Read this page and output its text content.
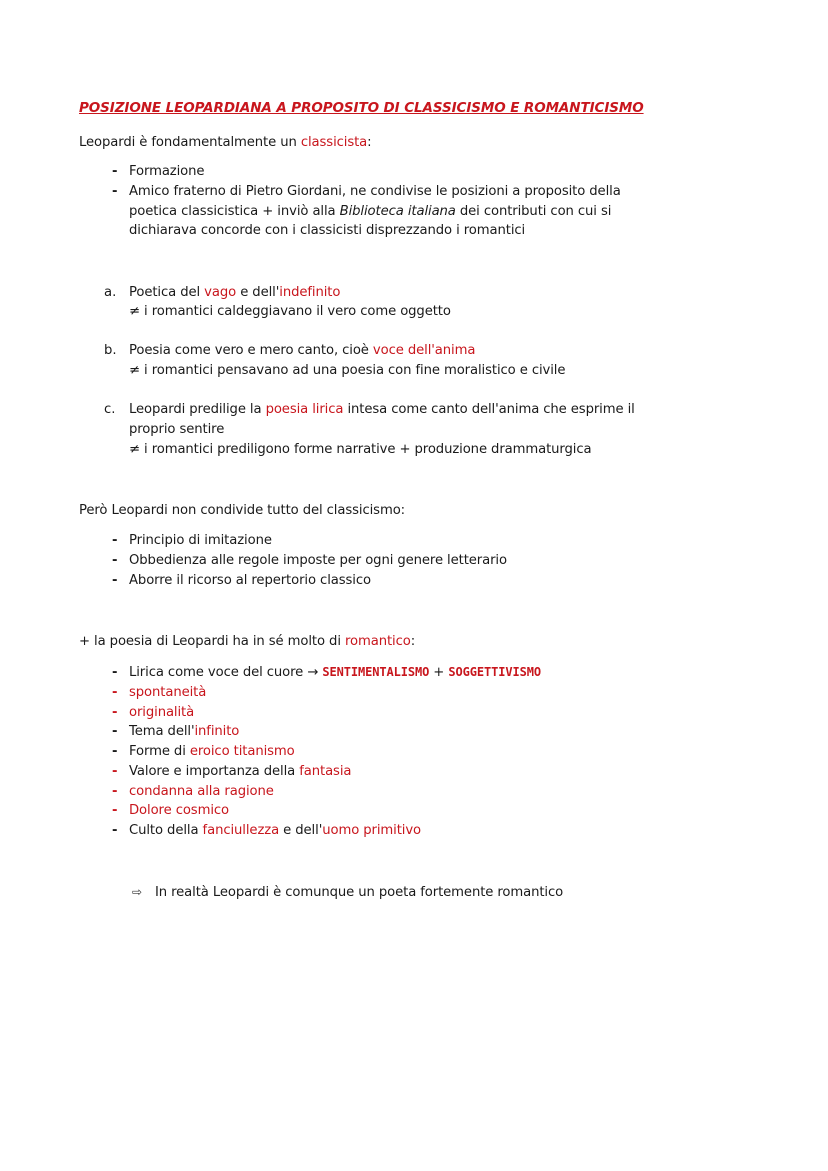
POSIZIONE LEOPARDIANA A PROPOSITO DI CLASSICISMO E ROMANTICISMO
Leopardi è fondamentalmente un classicista:
- Formazione
- Amico fraterno di Pietro Giordani, ne condivise le posizioni a proposito della
poetica classicistica + inviò alla Biblioteca italiana dei contributi con cui si
dichiarava concorde con i classicisti disprezzando i romantici
a. Poetica del vago e dell'indefinito
≠ i romantici caldeggiavano il vero come oggetto
b. Poesia come vero e mero canto, cioè voce dell'anima
≠ i romantici pensavano ad una poesia con fine moralistico e civile
c. Leopardi predilige la poesia lirica intesa come canto dell'anima che esprime il
proprio sentire
≠ i romantici prediligono forme narrative + produzione drammaturgica
Però Leopardi non condivide tutto del classicismo:
- Principio di imitazione
- Obbedienza alle regole imposte per ogni genere letterario
- Aborre il ricorso al repertorio classico
+ la poesia di Leopardi ha in sé molto di romantico:
- Lirica come voce del cuore → SENTIMENTALISMO + SOGGETTIVISMO
- spontaneità
- originalità
- Tema dell'infinito
- Forme di eroico titanismo
- Valore e importanza della fantasia
- condanna alla ragione
- Dolore cosmico
- Culto della fanciullezza e dell'uomo primitivo
⇨ In realtà Leopardi è comunque un poeta fortemente romantico
